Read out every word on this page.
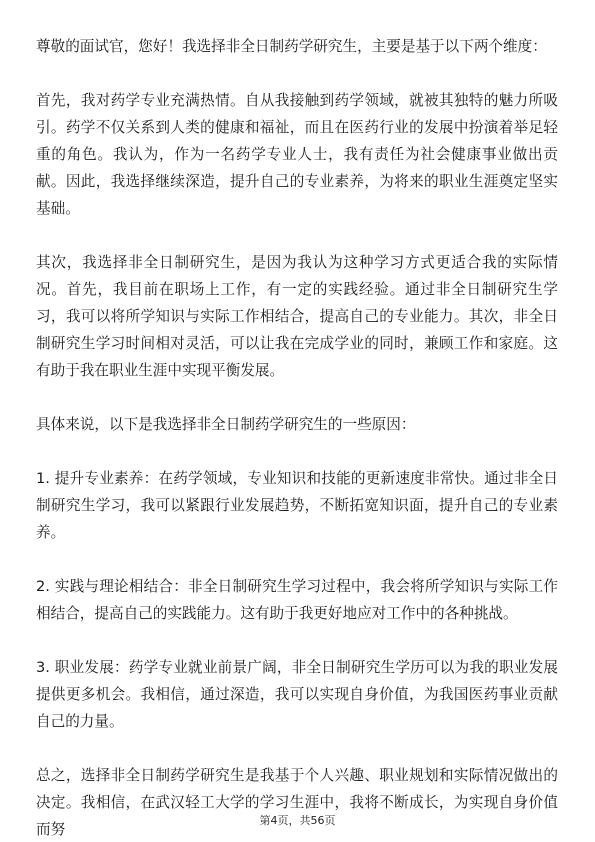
尊敬的面试官，您好！我选择非全日制药学研究生，主要是基于以下两个维度：

首先，我对药学专业充满热情。自从我接触到药学领域，就被其独特的魅力所吸引。药学不仅关系到人类的健康和福祉，而且在医药行业的发展中扮演着举足轻重的角色。我认为，作为一名药学专业人士，我有责任为社会健康事业做出贡献。因此，我选择继续深造，提升自己的专业素养，为将来的职业生涯奠定坚实基础。

其次，我选择非全日制研究生，是因为我认为这种学习方式更适合我的实际情况。首先，我目前在职场上工作，有一定的实践经验。通过非全日制研究生学习，我可以将所学知识与实际工作相结合，提高自己的专业能力。其次，非全日制研究生学习时间相对灵活，可以让我在完成学业的同时，兼顾工作和家庭。这有助于我在职业生涯中实现平衡发展。

具体来说，以下是我选择非全日制药学研究生的一些原因：

1. 提升专业素养：在药学领域，专业知识和技能的更新速度非常快。通过非全日制研究生学习，我可以紧跟行业发展趋势，不断拓宽知识面，提升自己的专业素养。

2. 实践与理论相结合：非全日制研究生学习过程中，我会将所学知识与实际工作相结合，提高自己的实践能力。这有助于我更好地应对工作中的各种挑战。

3. 职业发展：药学专业就业前景广阔，非全日制研究生学历可以为我的职业发展提供更多机会。我相信，通过深造，我可以实现自身价值，为我国医药事业贡献自己的力量。

总之，选择非全日制药学研究生是我基于个人兴趣、职业规划和实际情况做出的决定。我相信，在武汉轻工大学的学习生涯中，我将不断成长，为实现自身价值而努

第4页，共56页
